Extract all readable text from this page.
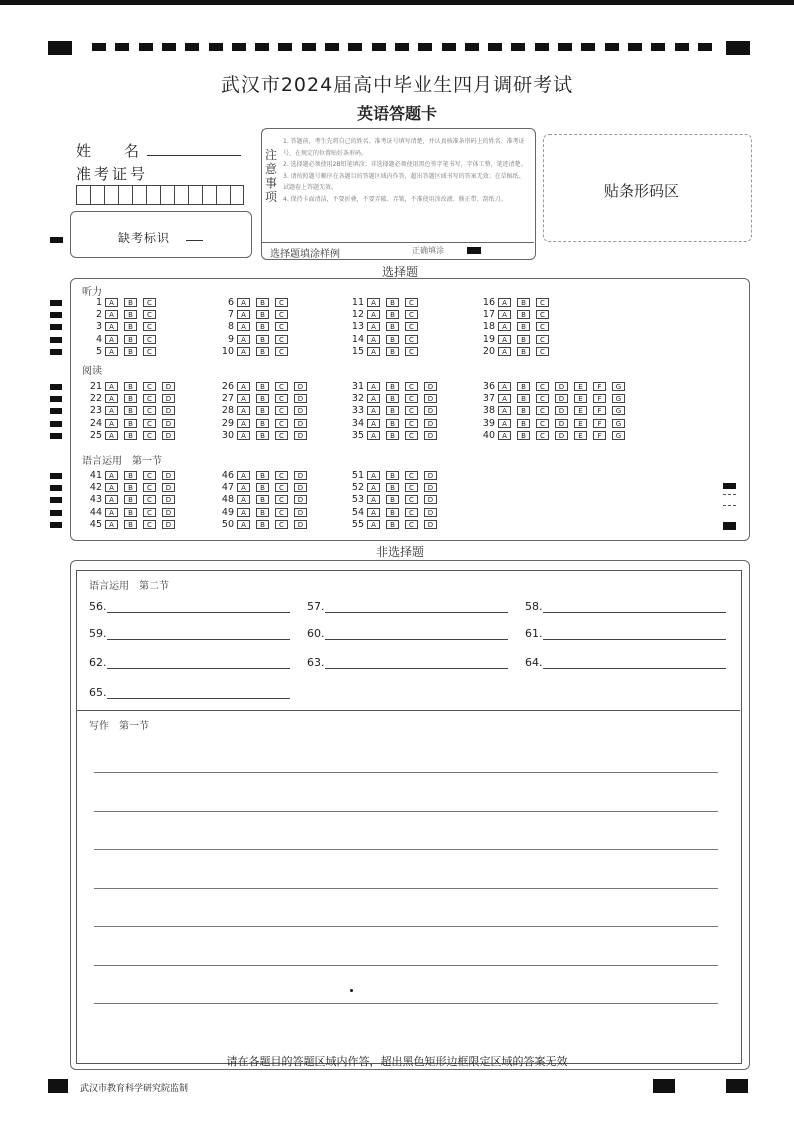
武汉市2024届高中毕业生四月调研考试
英语答题卡
姓　　名
准考证号
缺考标识
注意事项
1. 答题前，考生先将自己的姓名、准考证号填写清楚，并认真核准条形码上的姓名、准考证号，在规定的位置贴好条形码。
2. 选择题必须使用2B铅笔填涂；非选择题必须使用黑色签字笔书写，字体工整，笔迹清楚。
3. 请按照题号顺序在各题目的答题区域内作答，超出答题区域书写的答案无效；在草稿纸、试题卷上答题无效。
4. 保持卡面清洁，不要折叠，不要弄破、弄皱，不准使用涂改液、修正带、刮纸刀。
选择题填涂样例	正确填涂
贴条形码区
选择题
听力
阅读
语言运用　第一节
1 A B C
2 A B C
3 A B C
4 A B C
5 A B C
6 A B C
7 A B C
8 A B C
9 A B C
10 A B C
11 A B C
12 A B C
13 A B C
14 A B C
15 A B C
16 A B C
17 A B C
18 A B C
19 A B C
20 A B C
21 A B C D
22 A B C D
23 A B C D
24 A B C D
25 A B C D
26 A B C D
27 A B C D
28 A B C D
29 A B C D
30 A B C D
31 A B C D
32 A B C D
33 A B C D
34 A B C D
35 A B C D
36 A B C D E F G
37 A B C D E F G
38 A B C D E F G
39 A B C D E F G
40 A B C D E F G
41 A B C D
42 A B C D
43 A B C D
44 A B C D
45 A B C D
46 A B C D
47 A B C D
48 A B C D
49 A B C D
50 A B C D
51 A B C D
52 A B C D
53 A B C D
54 A B C D
55 A B C D
非选择题
语言运用　第二节
56.	57.	58.
59.	60.	61.
62.	63.	64.
65.
写作　第一节
请在各题目的答题区域内作答，超出黑色矩形边框限定区域的答案无效
武汉市教育科学研究院监制
